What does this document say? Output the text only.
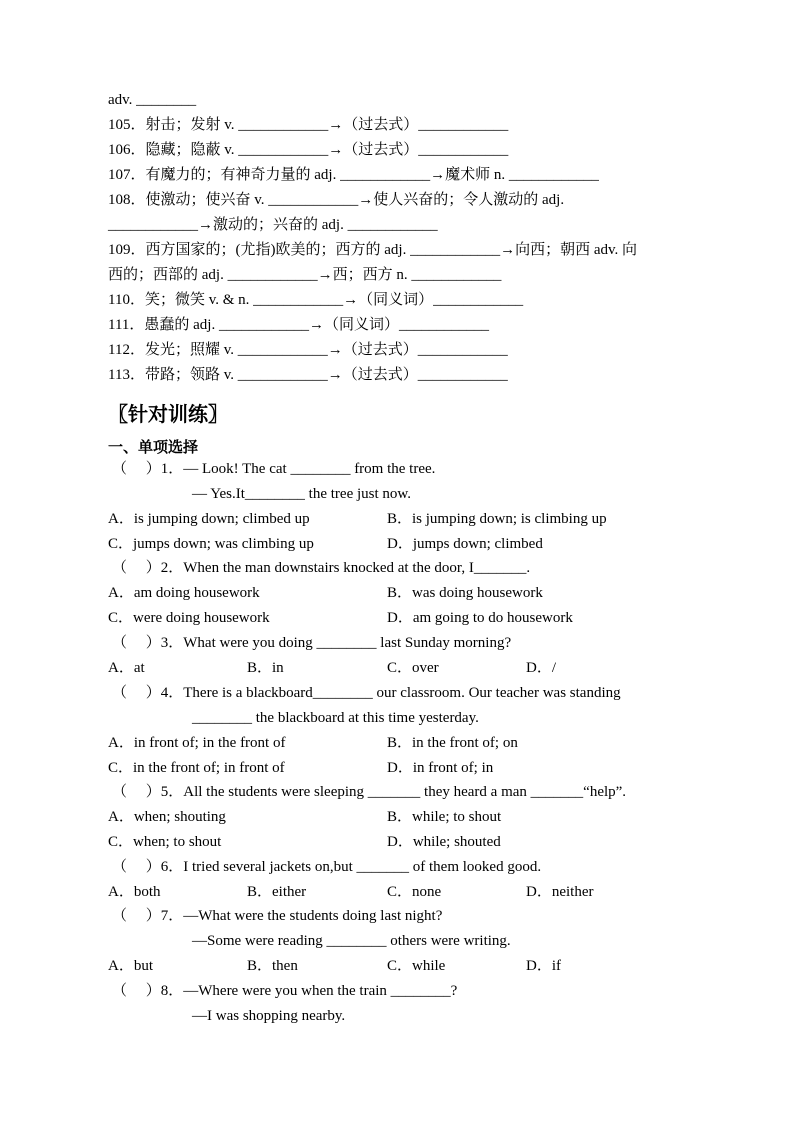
adv. ________
105．射击；发射 v. ____________→（过去式）____________
106．隐藏；隐蔽 v. ____________→（过去式）____________
107．有魔力的；有神奇力量的 adj. ____________→魔术师 n. ____________
108．使激动；使兴奋 v. ____________→使人兴奋的；令人激动的 adj.
____________→激动的；兴奋的 adj. ____________
109．西方国家的；(尤指)欧美的；西方的 adj. ____________→向西；朝西 adv. 向
西的；西部的 adj. ____________→西；西方 n. ____________
110．笑；微笑 v. & n. ____________→（同义词）____________
111．愚蠢的 adj. ____________→（同义词）____________
112．发光；照耀 v. ____________→（过去式）____________
113．带路；领路 v. ____________→（过去式）____________
〖针对训练〗
一、单项选择
（　 ）1．— Look! The cat ________ from the tree.
— Yes.It________ the tree just now.
A．is jumping down; climbed up	B．is jumping down; is climbing up
C．jumps down; was climbing up	D．jumps down; climbed
（　 ）2．When the man downstairs knocked at the door, I_______.
A．am doing housework	B．was doing housework
C．were doing housework	D．am going to do housework
（　 ）3．What were you doing ________ last Sunday morning?
A．at	B．in	C．over	D．/
（　 ）4．There is a blackboard________ our classroom. Our teacher was standing
________ the blackboard at this time yesterday.
A．in front of; in the front of	B．in the front of; on
C．in the front of; in front of	D．in front of; in
（　 ）5．All the students were sleeping _______ they heard a man _______“help”.
A．when; shouting	B．while; to shout
C．when; to shout	D．while; shouted
（　 ）6．I tried several jackets on,but _______ of them looked good.
A．both	B．either	C．none	D．neither
（　 ）7．—What were the students doing last night?
—Some were reading ________ others were writing.
A．but	B．then	C．while	D．if
（　 ）8．—Where were you when the train ________?
—I was shopping nearby.
